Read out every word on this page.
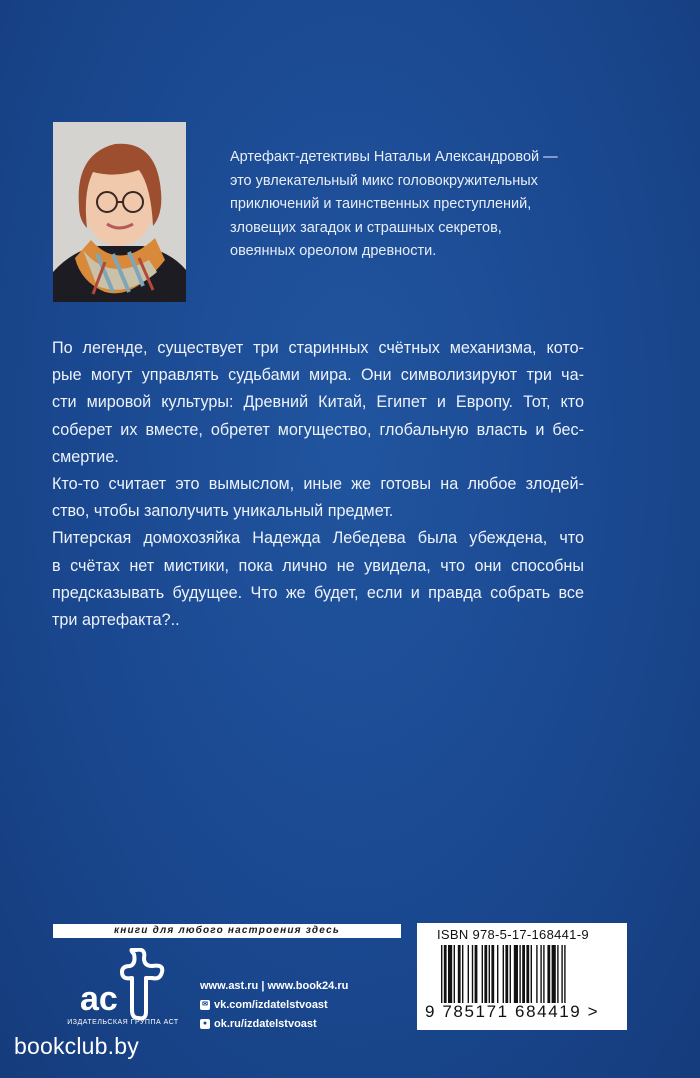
Артефакт-детективы Натальи Александровой —
это увлекательный микс головокружительных
приключений и таинственных преступлений,
зловещих загадок и страшных секретов,
овеянных ореолом древности.
По легенде, существует три старинных счётных механизма, кото-
рые могут управлять судьбами мира. Они символизируют три ча-
сти мировой культуры: Древний Китай, Египет и Европу. Тот, кто
соберет их вместе, обретет могущество, глобальную власть и бес-
смертие.
Кто-то считает это вымыслом, иные же готовы на любое злодей-
ство, чтобы заполучить уникальный предмет.
Питерская домохозяйка Надежда Лебедева была убеждена, что
в счётах нет мистики, пока лично не увидела, что они способны
предсказывать будущее. Что же будет, если и правда собрать все
три артефакта?..
книги для любого настроения здесь
ас
ИЗДАТЕЛЬСКАЯ ГРУППА АСТ
www.ast.ru | www.book24.ru
✉ vk.com/izdatelstvoast
● ok.ru/izdatelstvoast
ISBN 978-5-17-168441-9
9 785171 684419 >
bookclub.by
